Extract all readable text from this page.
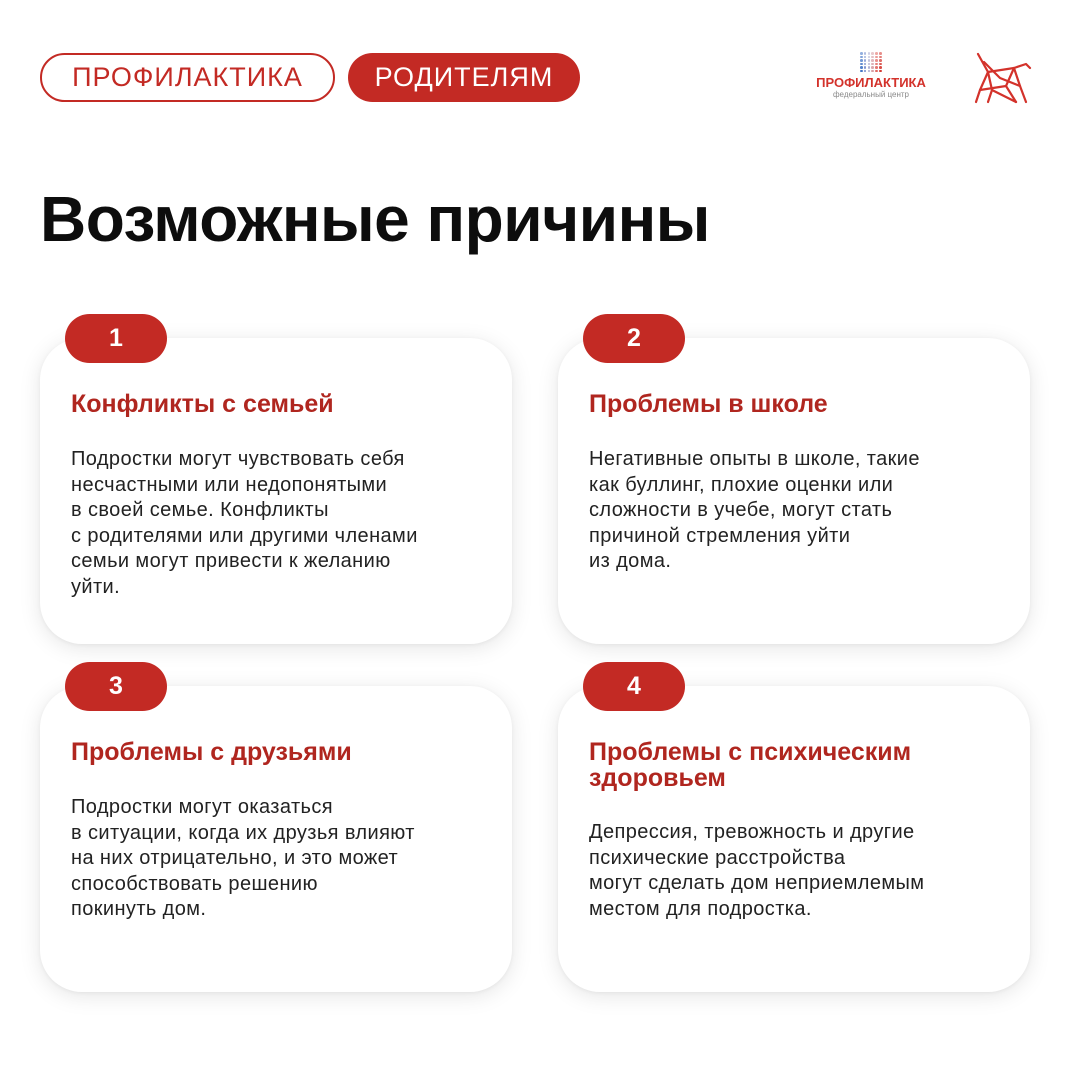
ПРОФИЛАКТИКА	РОДИТЕЛЯМ	ПРОФИЛАКТИКА
федеральный центр
Возможные причины
1
Конфликты с семьей
Подростки могут чувствовать себя
несчастными или недопонятыми
в своей семье. Конфликты
с родителями или другими членами
семьи могут привести к желанию
уйти.
2
Проблемы в школе
Негативные опыты в школе, такие
как буллинг, плохие оценки или
сложности в учебе, могут стать
причиной стремления уйти
из дома.
3
Проблемы с друзьями
Подростки могут оказаться
в ситуации, когда их друзья влияют
на них отрицательно, и это может
способствовать решению
покинуть дом.
4
Проблемы с психическим
здоровьем
Депрессия, тревожность и другие
психические расстройства
могут сделать дом неприемлемым
местом для подростка.
